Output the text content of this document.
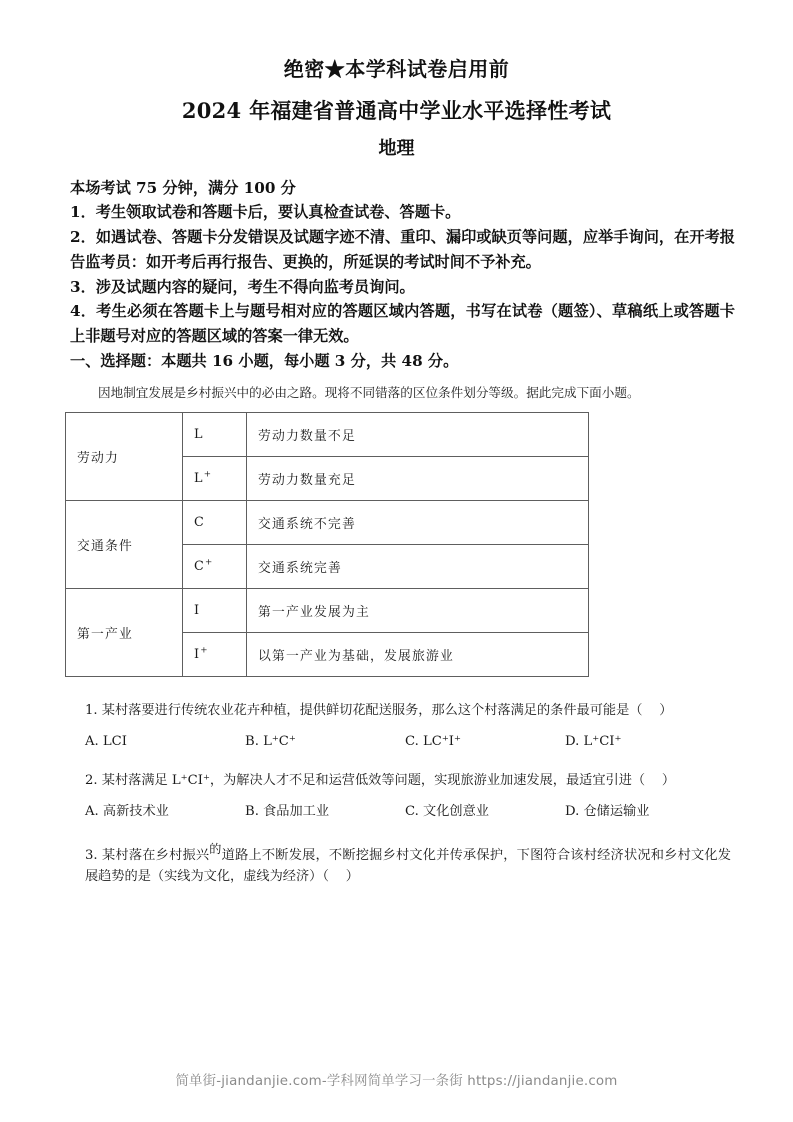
绝密★本学科试卷启用前
2024 年福建省普通高中学业水平选择性考试
地理

本场考试 75 分钟，满分 100 分

1．考生领取试卷和答题卡后，要认真检查试卷、答题卡。

2．如遇试卷、答题卡分发错误及试题字迹不清、重印、漏印或缺页等问题，应举手询问，在开考报告监考员：如开考后再行报告、更换的，所延误的考试时间不予补充。

3．涉及试题内容的疑问，考生不得向监考员询问。

4．考生必须在答题卡上与题号相对应的答题区域内答题，书写在试卷（题签）、草稿纸上或答题卡上非题号对应的答题区域的答案一律无效。

一、选择题：本题共 16 小题，每小题 3 分，共 48 分。

因地制宜发展是乡村振兴中的必由之路。现将不同错落的区位条件划分等级。据此完成下面小题。
劳动力	L	劳动力数量不足
	L+	劳动力数量充足
交通条件	C	交通系统不完善
	C+	交通系统完善
第一产业	I	第一产业发展为主
	I+	以第一产业为基础，发展旅游业

1. 某村落要进行传统农业花卉种植，提供鲜切花配送服务，那么这个村落满足的条件最可能是（ ）

A. LCI	B. L⁺C⁺	C. LC⁺I⁺	D. L⁺CI⁺

2. 某村落满足 L⁺CI⁺，为解决人才不足和运营低效等问题，实现旅游业加速发展，最适宜引进（ ）

A. 高新技术业	B. 食品加工业	C. 文化创意业	D. 仓储运输业

3. 某村落在乡村振兴的道路上不断发展，不断挖掘乡村文化并传承保护，下图符合该村经济状况和乡村文化发展趋势的是（实线为文化，虚线为经济）（ ）

简单街-jiandanjie.com-学科网简单学习一条街 https://jiandanjie.com
